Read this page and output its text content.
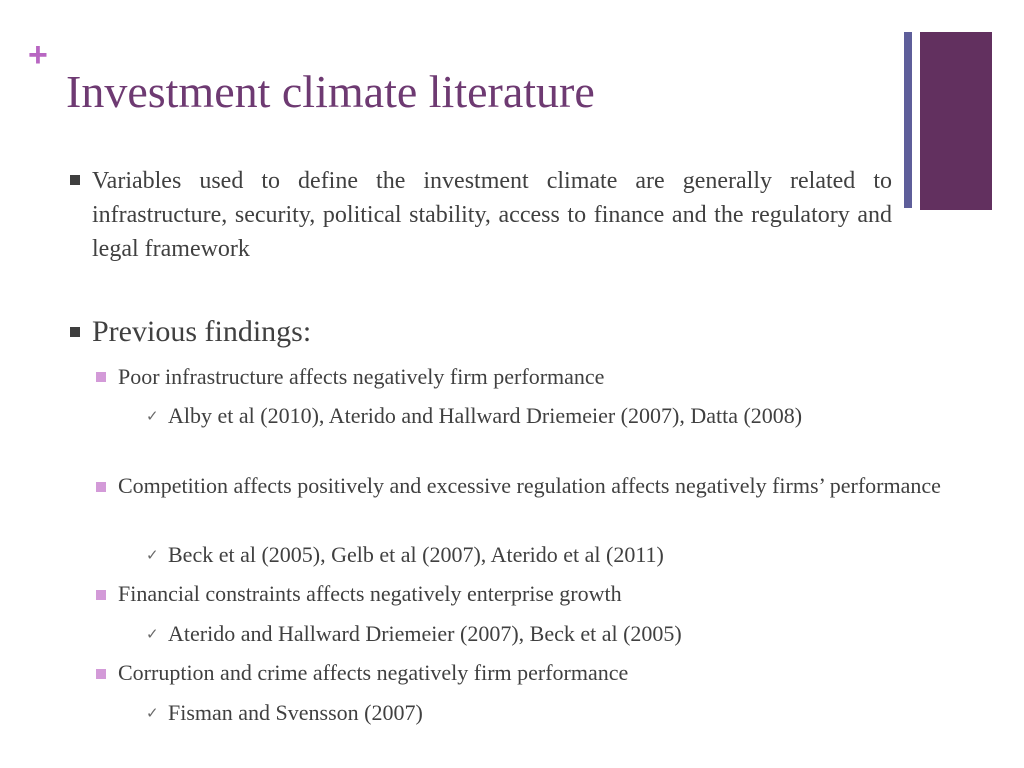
+
Investment climate literature

Variables used to define the investment climate are generally related to infrastructure, security, political stability, access to finance and the regulatory and legal framework

Previous findings:

Poor infrastructure affects negatively firm performance

✓ Alby et al (2010), Aterido and Hallward Driemeier (2007), Datta (2008)

Competition affects positively and excessive regulation affects negatively firms’ performance

✓ Beck et al (2005), Gelb et al (2007), Aterido et al (2011)

Financial constraints affects negatively enterprise growth

✓ Aterido and Hallward Driemeier (2007), Beck et al (2005)

Corruption and crime affects negatively firm performance

✓ Fisman and Svensson (2007)
